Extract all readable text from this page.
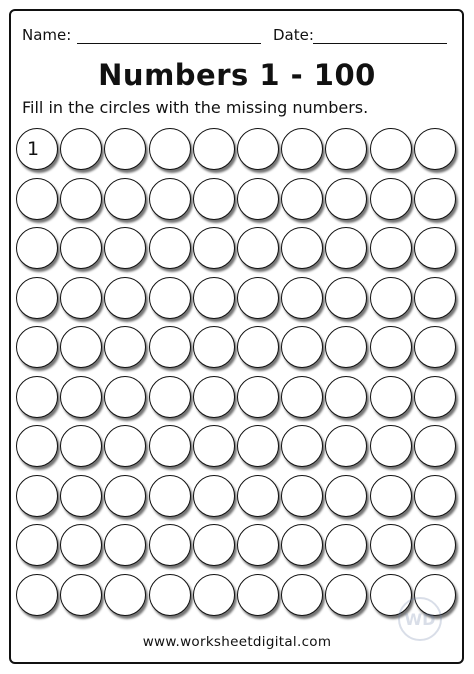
Name:	Date:
Numbers 1 - 100
Fill in the circles with the missing numbers.
1
www.worksheetdigital.com
WD
